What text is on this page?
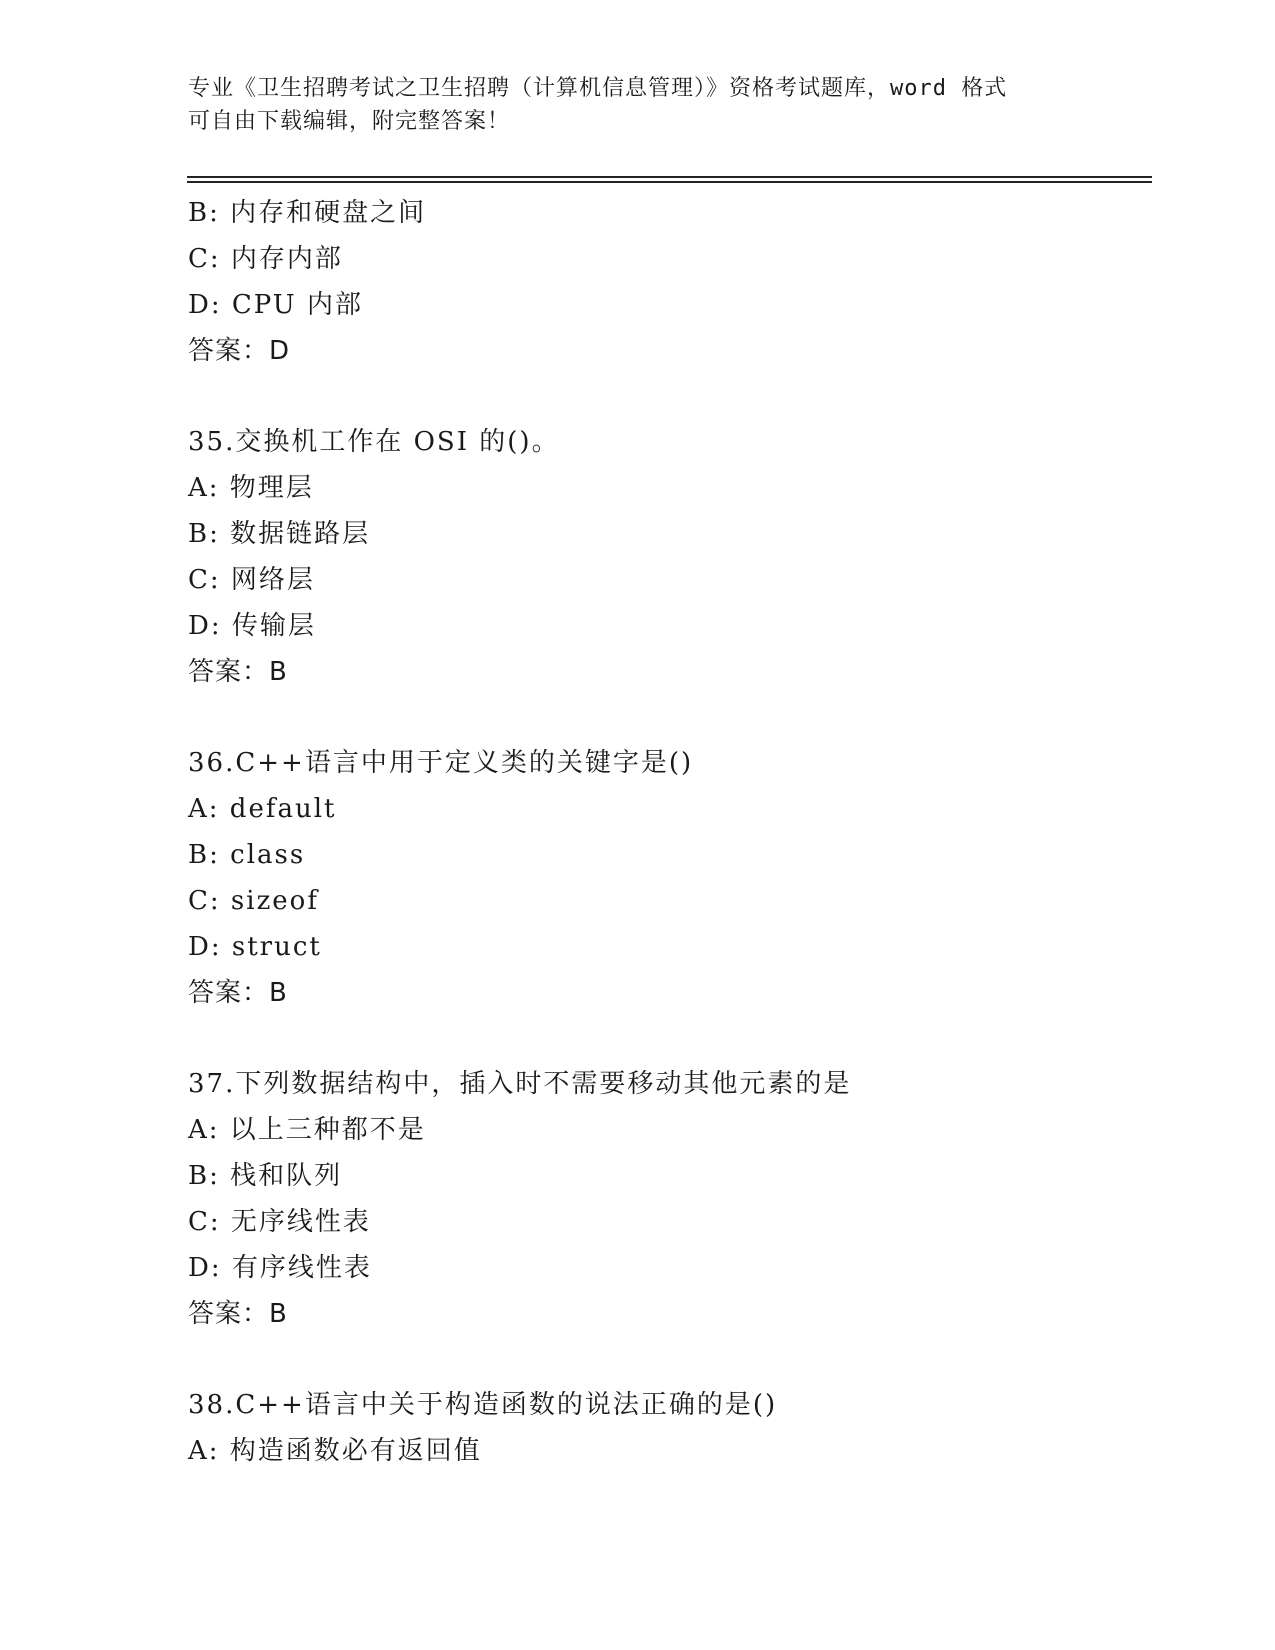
专业《卫生招聘考试之卫生招聘（计算机信息管理）》资格考试题库，word 格式
可自由下载编辑，附完整答案！
B: 内存和硬盘之间
C: 内存内部
D: CPU 内部
答案：D
35.交换机工作在 OSI 的()。
A: 物理层
B: 数据链路层
C: 网络层
D: 传输层
答案：B
36.C++语言中用于定义类的关键字是()
A: default
B: class
C: sizeof
D: struct
答案：B
37.下列数据结构中，插入时不需要移动其他元素的是
A: 以上三种都不是
B: 栈和队列
C: 无序线性表
D: 有序线性表
答案：B
38.C++语言中关于构造函数的说法正确的是()
A: 构造函数必有返回值
